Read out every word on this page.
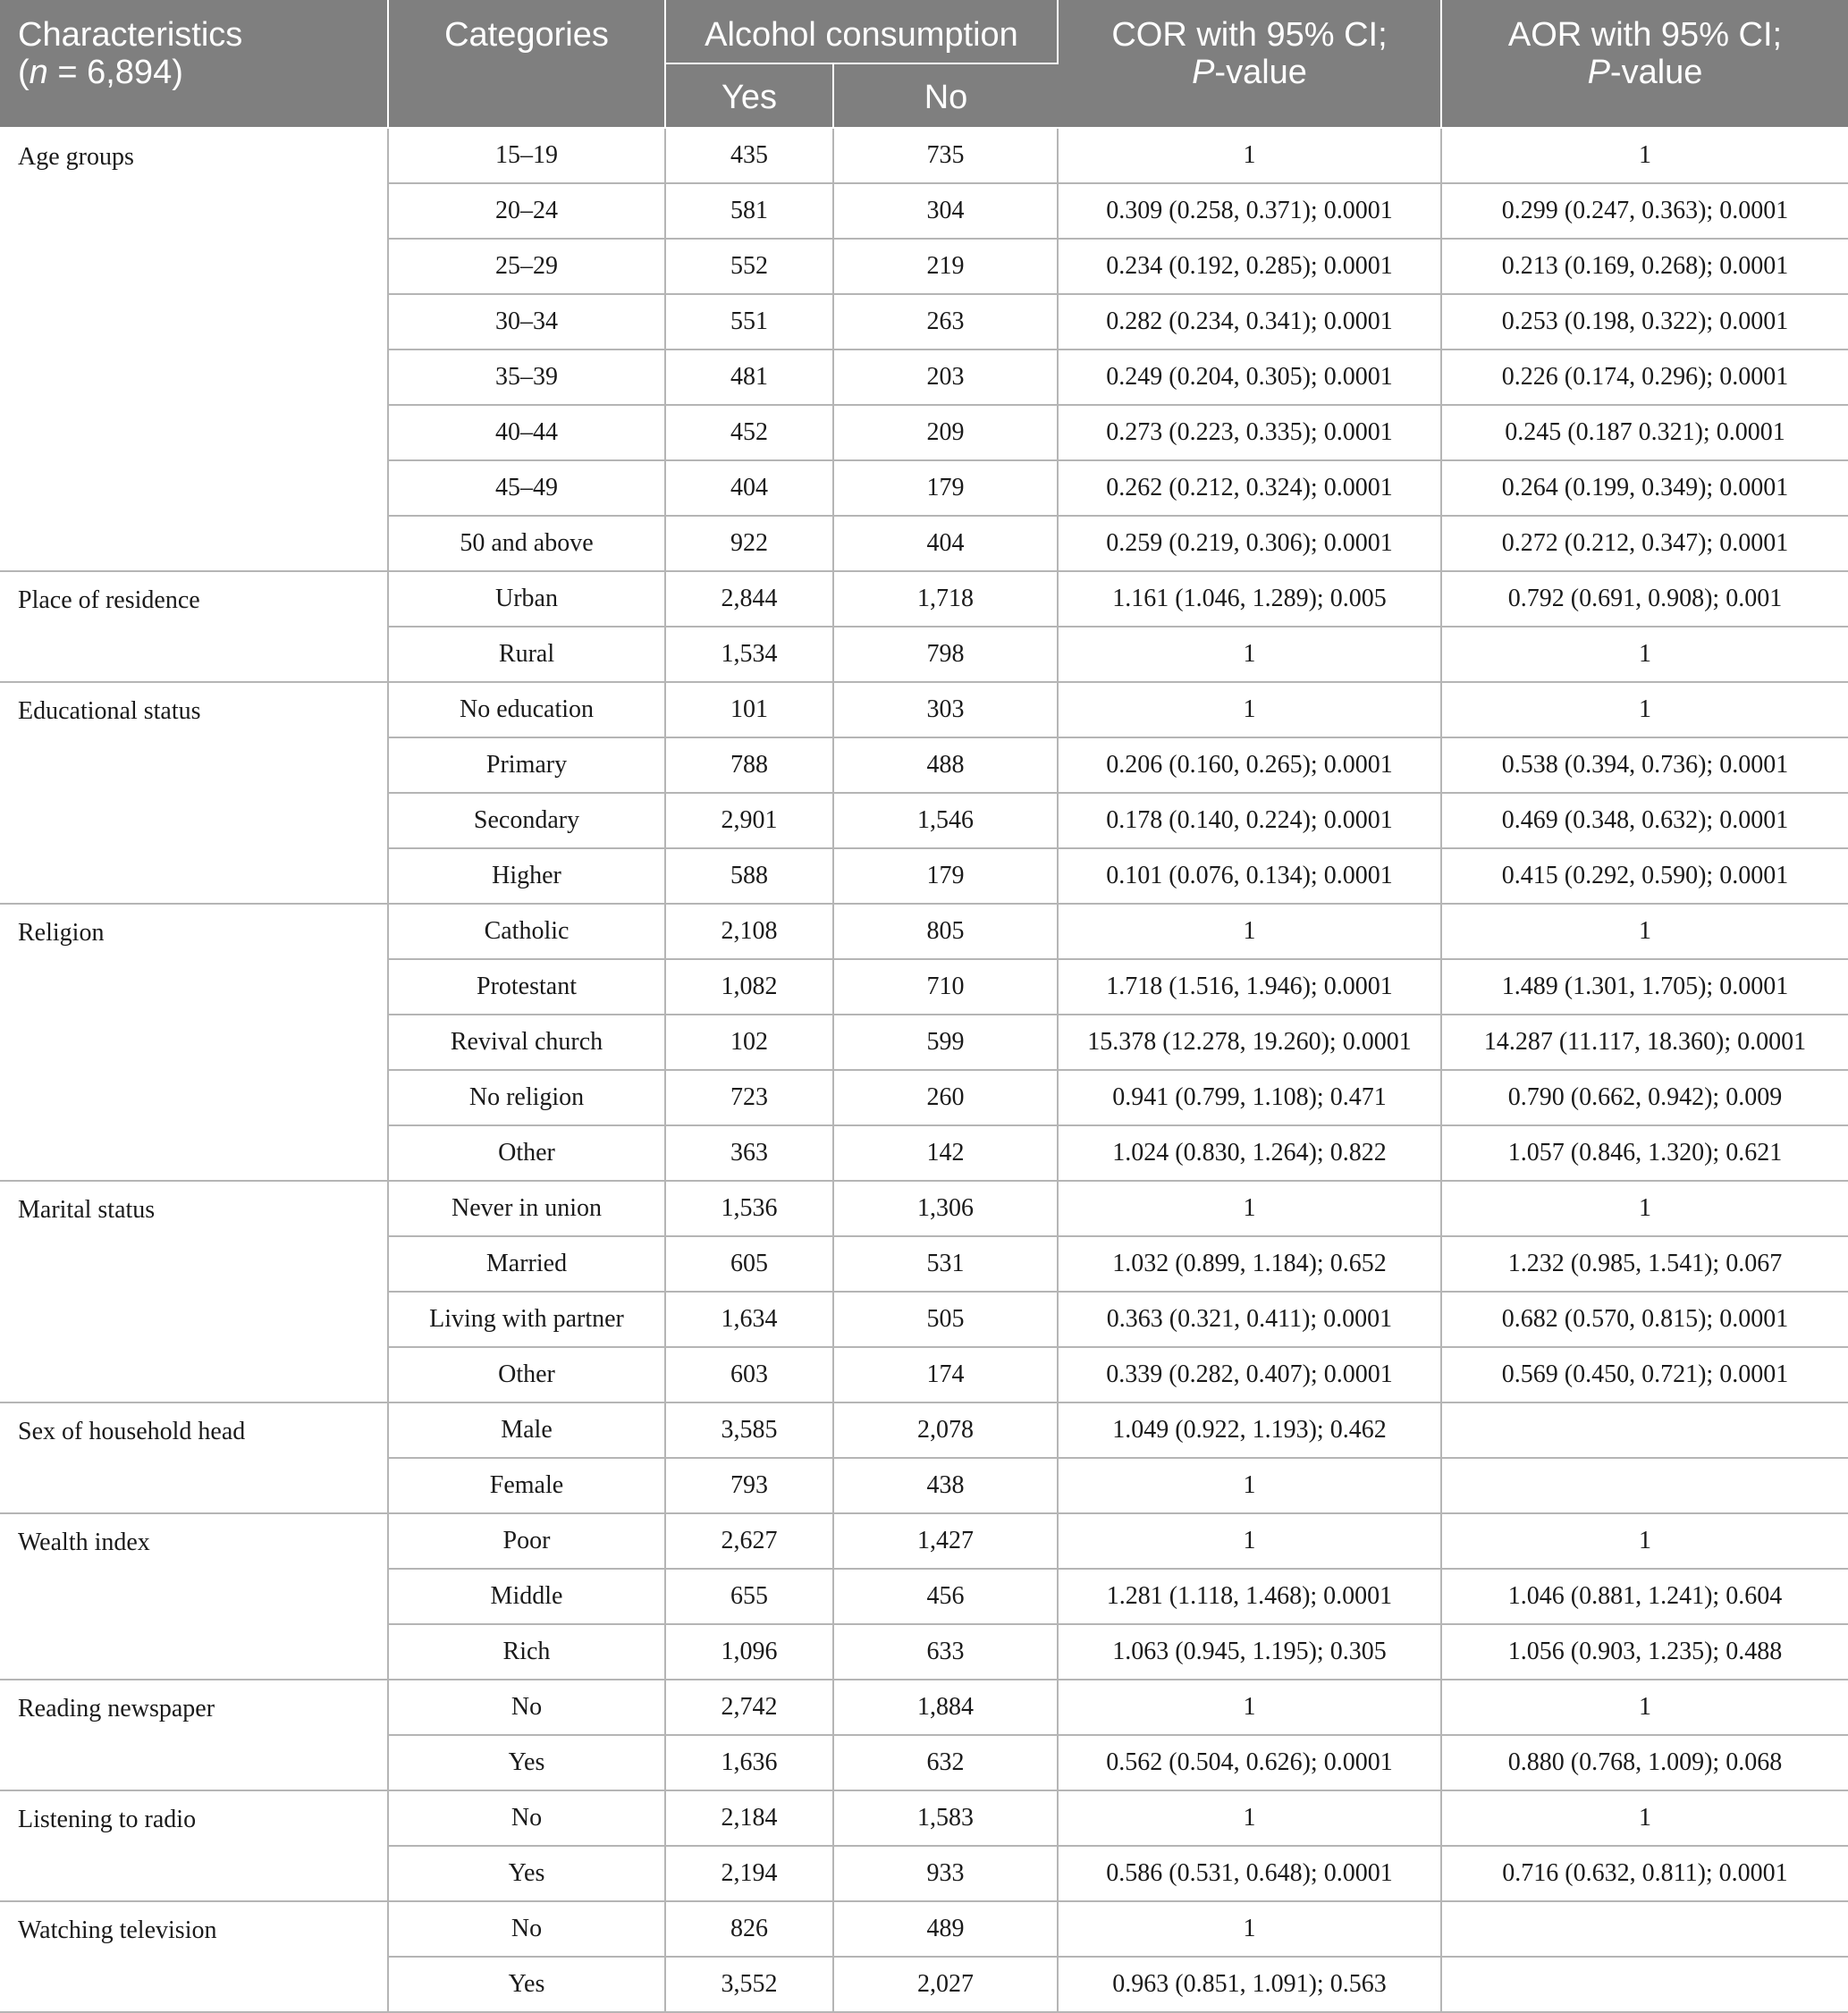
Characteristics
(n = 6,894)	Categories	Alcohol consumption		COR with 95% CI;
P-value	AOR with 95% CI;
P-value
		Yes	No		
Age groups	15–19	435	735	1	1
	20–24	581	304	0.309 (0.258, 0.371); 0.0001	0.299 (0.247, 0.363); 0.0001
	25–29	552	219	0.234 (0.192, 0.285); 0.0001	0.213 (0.169, 0.268); 0.0001
	30–34	551	263	0.282 (0.234, 0.341); 0.0001	0.253 (0.198, 0.322); 0.0001
	35–39	481	203	0.249 (0.204, 0.305); 0.0001	0.226 (0.174, 0.296); 0.0001
	40–44	452	209	0.273 (0.223, 0.335); 0.0001	0.245 (0.187 0.321); 0.0001
	45–49	404	179	0.262 (0.212, 0.324); 0.0001	0.264 (0.199, 0.349); 0.0001
	50 and above	922	404	0.259 (0.219, 0.306); 0.0001	0.272 (0.212, 0.347); 0.0001
Place of residence	Urban	2,844	1,718	1.161 (1.046, 1.289); 0.005	0.792 (0.691, 0.908); 0.001
	Rural	1,534	798	1	1
Educational status	No education	101	303	1	1
	Primary	788	488	0.206 (0.160, 0.265); 0.0001	0.538 (0.394, 0.736); 0.0001
	Secondary	2,901	1,546	0.178 (0.140, 0.224); 0.0001	0.469 (0.348, 0.632); 0.0001
	Higher	588	179	0.101 (0.076, 0.134); 0.0001	0.415 (0.292, 0.590); 0.0001
Religion	Catholic	2,108	805	1	1
	Protestant	1,082	710	1.718 (1.516, 1.946); 0.0001	1.489 (1.301, 1.705); 0.0001
	Revival church	102	599	15.378 (12.278, 19.260); 0.0001	14.287 (11.117, 18.360); 0.0001
	No religion	723	260	0.941 (0.799, 1.108); 0.471	0.790 (0.662, 0.942); 0.009
	Other	363	142	1.024 (0.830, 1.264); 0.822	1.057 (0.846, 1.320); 0.621
Marital status	Never in union	1,536	1,306	1	1
	Married	605	531	1.032 (0.899, 1.184); 0.652	1.232 (0.985, 1.541); 0.067
	Living with partner	1,634	505	0.363 (0.321, 0.411); 0.0001	0.682 (0.570, 0.815); 0.0001
	Other	603	174	0.339 (0.282, 0.407); 0.0001	0.569 (0.450, 0.721); 0.0001
Sex of household head	Male	3,585	2,078	1.049 (0.922, 1.193); 0.462	
	Female	793	438	1	
Wealth index	Poor	2,627	1,427	1	1
	Middle	655	456	1.281 (1.118, 1.468); 0.0001	1.046 (0.881, 1.241); 0.604
	Rich	1,096	633	1.063 (0.945, 1.195); 0.305	1.056 (0.903, 1.235); 0.488
Reading newspaper	No	2,742	1,884	1	1
	Yes	1,636	632	0.562 (0.504, 0.626); 0.0001	0.880 (0.768, 1.009); 0.068
Listening to radio	No	2,184	1,583	1	1
	Yes	2,194	933	0.586 (0.531, 0.648); 0.0001	0.716 (0.632, 0.811); 0.0001
Watching television	No	826	489	1	
	Yes	3,552	2,027	0.963 (0.851, 1.091); 0.563	
